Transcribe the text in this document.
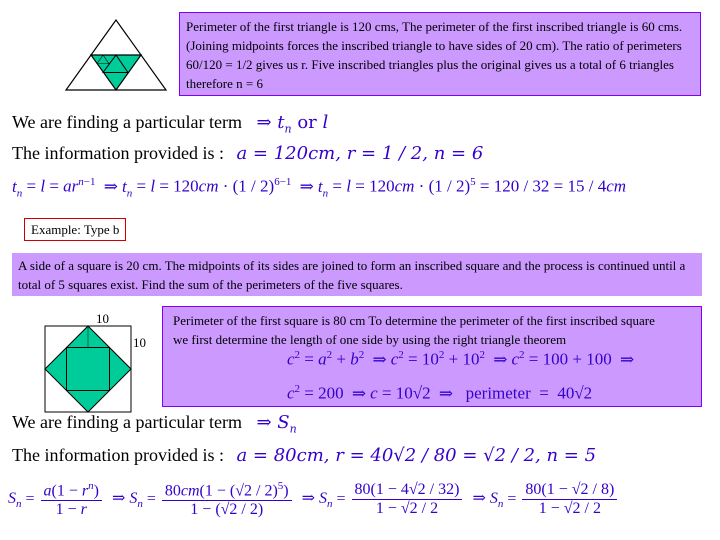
Perimeter of the first triangle is 120 cms, The perimeter of the first inscribed triangle is 60 cms. (Joining midpoints forces the inscribed triangle to have sides of 20 cm). The ratio of perimeters 60/120 = 1/2 gives us r. Five inscribed triangles plus the original gives us a total of 6 triangles therefore n = 6
We are finding a particular term ⇒ $t_n$ or l
The information provided is : a = 120cm, r = 1 / 2, n = 6
$t_n = l = ar^{n-1}$ ⇒ $t_n = l = 120cm \cdot (1 / 2)^{6-1}$ ⇒ $t_n = l = 120cm \cdot (1 / 2)^5 = 120 / 32 = 15 / 4cm$
Example: Type b
A side of a square is 20 cm. The midpoints of its sides are joined to form an inscribed square and the process is continued until a total of 5 squares exist. Find the sum of the perimeters of the five squares.
10
10
Perimeter of the first square is 80 cm To determine the perimeter of the first inscribed square we first determine the length of one side by using the right triangle theorem
$c^2 = a^2 + b^2$ ⇒ $c^2 = 10^2 + 10^2$ ⇒ $c^2 = 100 + 100$ ⇒
$c^2 = 200$ ⇒ c = 10√2 ⇒  perimeter  =  40√2
We are finding a particular term ⇒ $S_n$
The information provided is : a = 80cm, r = 40√2 / 80 = √2 / 2, n = 5
$S_n = \frac{a(1 - r^n)}{1 - r}$ ⇒ $S_n = \frac{80cm(1 - (√2 / 2)^5)}{1 - (√2 / 2)}$ ⇒ $S_n = \frac{80(1 - 4√2 / 32)}{1 - √2 / 2}$ ⇒ $S_n = \frac{80(1 - √2 / 8)}{1 - √2 / 2}$
